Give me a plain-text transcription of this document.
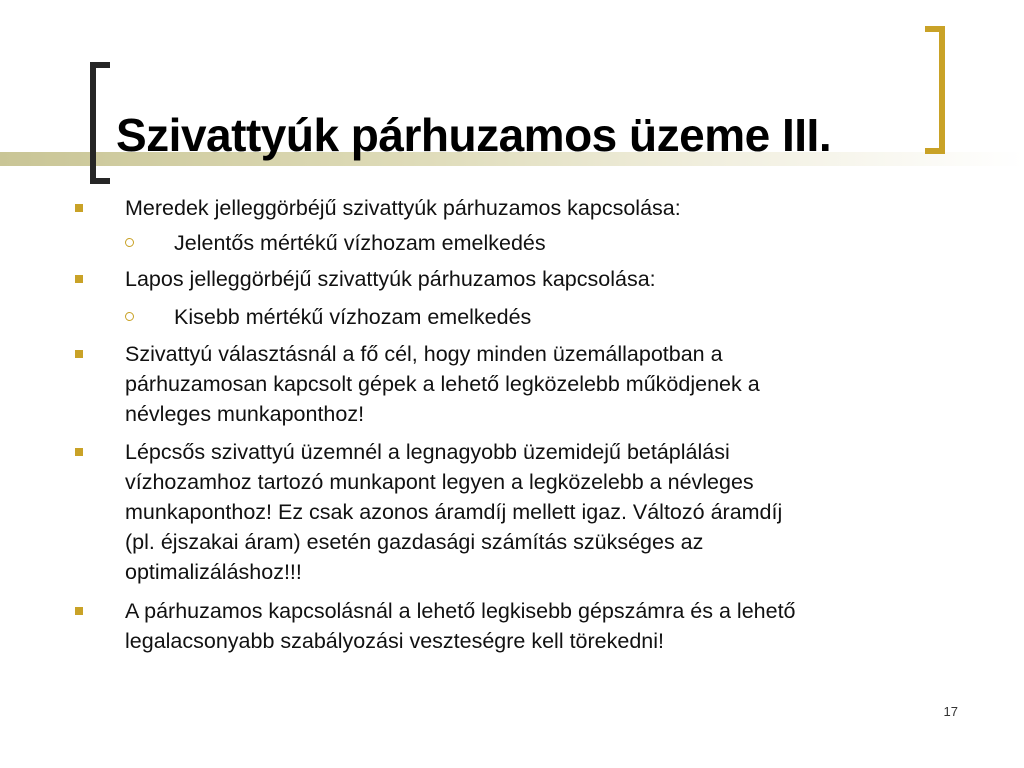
Szivattyúk párhuzamos üzeme III.
Meredek jelleggörbéjű szivattyúk párhuzamos kapcsolása:
Jelentős mértékű vízhozam emelkedés
Lapos jelleggörbéjű szivattyúk párhuzamos kapcsolása:
Kisebb mértékű vízhozam emelkedés
Szivattyú választásnál a fő cél, hogy minden üzemállapotban a
párhuzamosan kapcsolt gépek a lehető legközelebb működjenek a
névleges munkaponthoz!
Lépcsős szivattyú üzemnél a legnagyobb üzemidejű betáplálási
vízhozamhoz tartozó munkapont legyen a legközelebb a névleges
munkaponthoz! Ez csak azonos áramdíj mellett igaz. Változó áramdíj
(pl. éjszakai áram) esetén gazdasági számítás szükséges az
optimalizáláshoz!!!
A párhuzamos kapcsolásnál a lehető legkisebb gépszámra és a lehető
legalacsonyabb szabályozási veszteségre kell törekedni!
17
